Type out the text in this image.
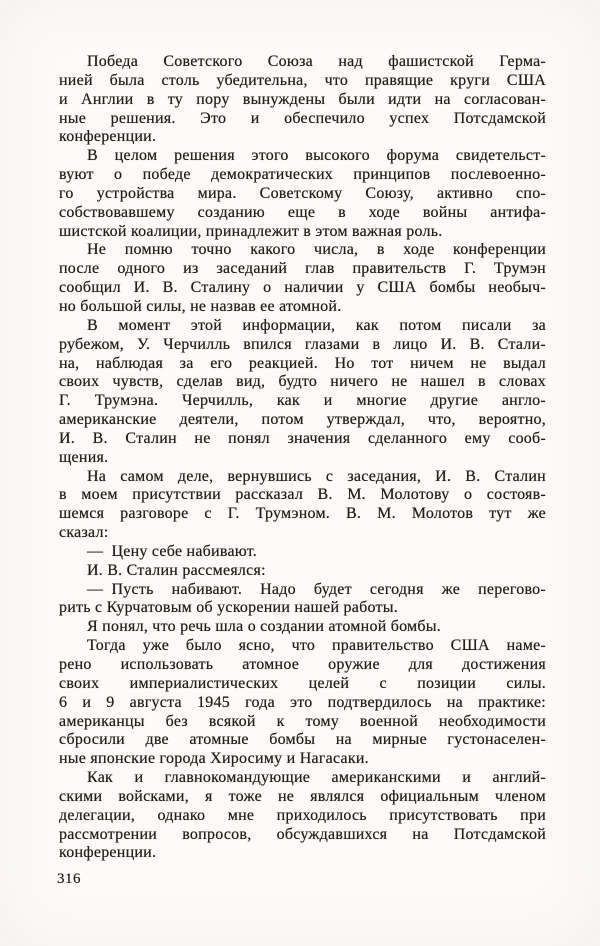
Победа Советского Союза над фашистской Герма-
нией была столь убедительна, что правящие круги США
и Англии в ту пору вынуждены были идти на согласован-
ные решения. Это и обеспечило успех Потсдамской
конференции.
В целом решения этого высокого форума свидетельст-
вуют о победе демократических принципов послевоенно-
го устройства мира. Советскому Союзу, активно спо-
собствовавшему созданию еще в ходе войны антифа-
шистской коалиции, принадлежит в этом важная роль.
Не помню точно какого числа, в ходе конференции
после одного из заседаний глав правительств Г. Трумэн
сообщил И. В. Сталину о наличии у США бомбы необыч-
но большой силы, не назвав ее атомной.
В момент этой информации, как потом писали за
рубежом, У. Черчилль впился глазами в лицо И. В. Стали-
на, наблюдая за его реакцией. Но тот ничем не выдал
своих чувств, сделав вид, будто ничего не нашел в словах
Г. Трумэна. Черчилль, как и многие другие англо-
американские деятели, потом утверждал, что, вероятно,
И. В. Сталин не понял значения сделанного ему сооб-
щения.
На самом деле, вернувшись с заседания, И. В. Сталин
в моем присутствии рассказал В. М. Молотову о состояв-
шемся разговоре с Г. Трумэном. В. М. Молотов тут же
сказал:
— Цену себе набивают.
И. В. Сталин рассмеялся:
— Пусть набивают. Надо будет сегодня же перегово-
рить с Курчатовым об ускорении нашей работы.
Я понял, что речь шла о создании атомной бомбы.
Тогда уже было ясно, что правительство США наме-
рено использовать атомное оружие для достижения
своих империалистических целей с позиции силы.
6 и 9 августа 1945 года это подтвердилось на практике:
американцы без всякой к тому военной необходимости
сбросили две атомные бомбы на мирные густонаселен-
ные японские города Хиросиму и Нагасаки.
Как и главнокомандующие американскими и англий-
скими войсками, я тоже не являлся официальным членом
делегации, однако мне приходилось присутствовать при
рассмотрении вопросов, обсуждавшихся на Потсдамской
конференции.
316
